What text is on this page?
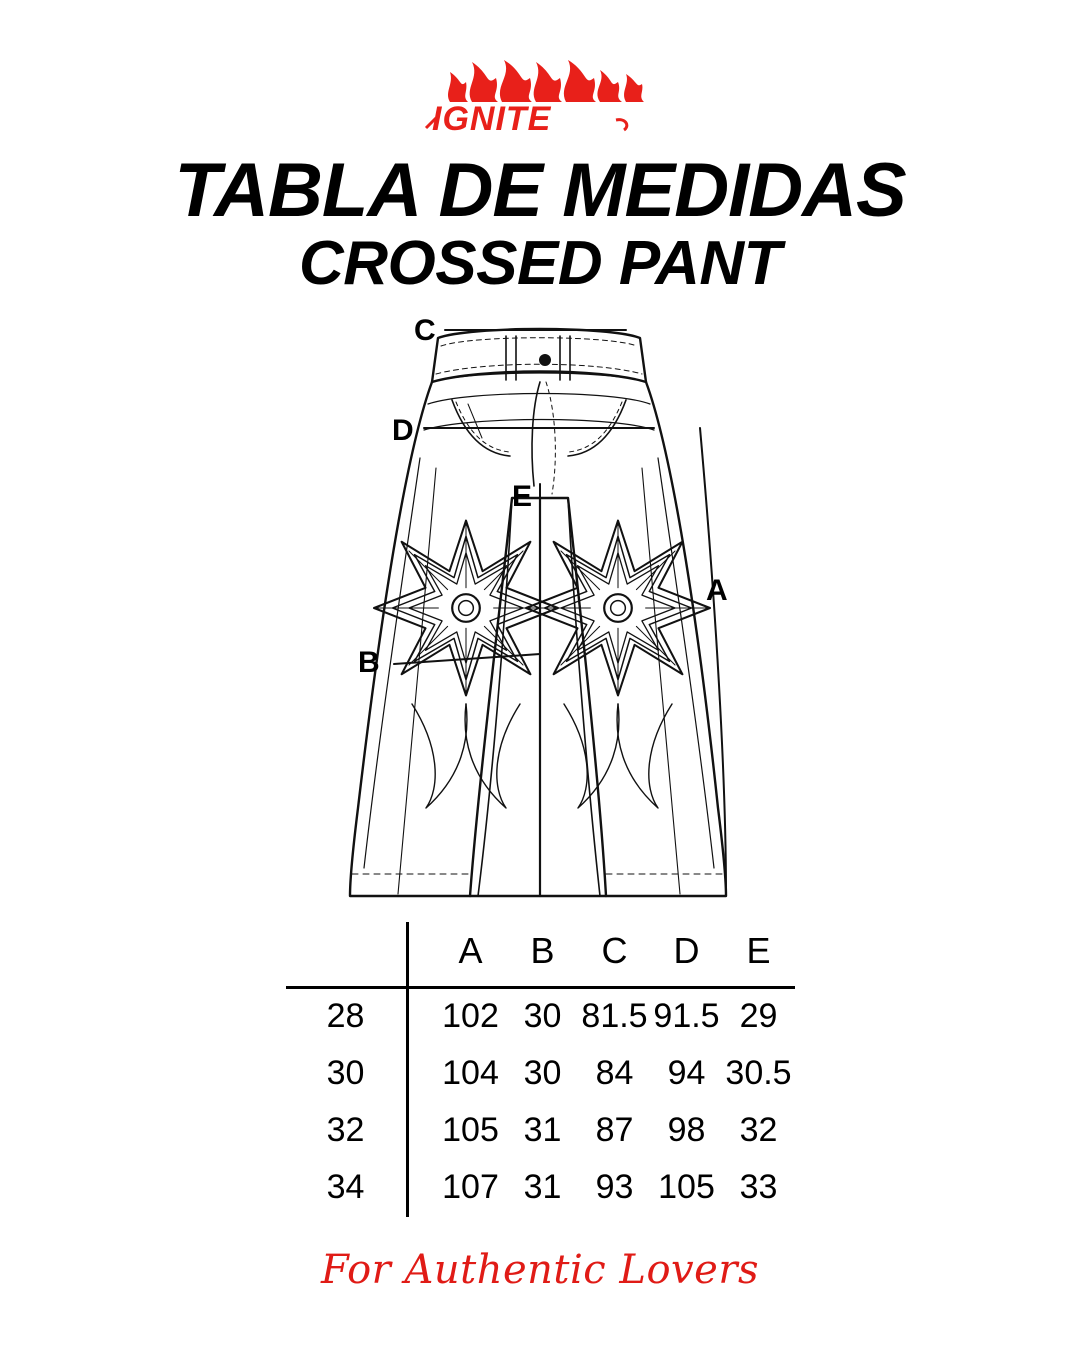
IGNITE
TABLA DE MEDIDAS
CROSSED PANT
C
D
E
A
B
			A	B	C	D	E

28			102	30	81.5	91.5	29
30			104	30	84	94	30.5
32			105	31	87	98	32
34			107	31	93	105	33
For Authentic Lovers
